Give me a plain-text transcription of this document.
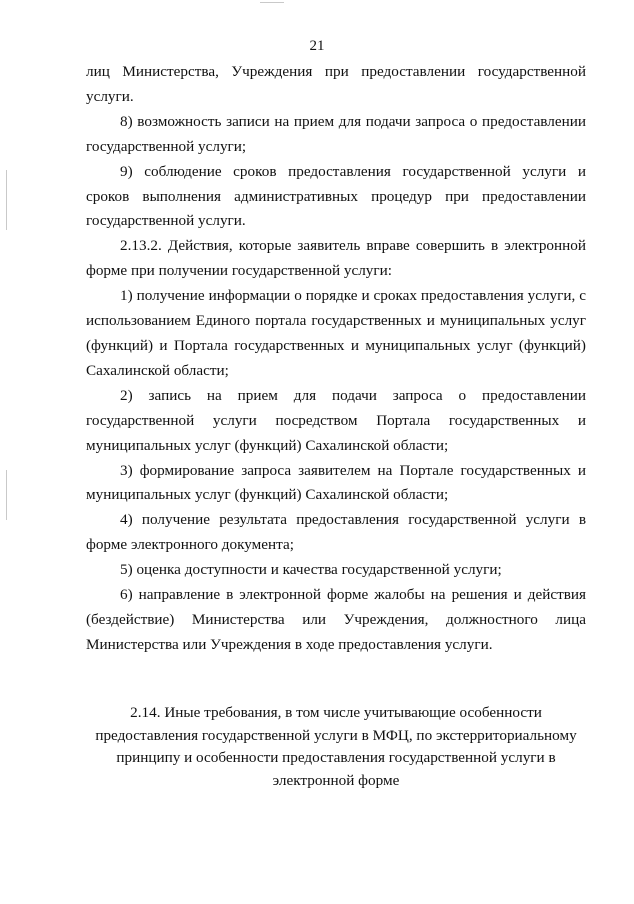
21

лиц Министерства, Учреждения при предоставлении государственной услуги.

8) возможность записи на прием для подачи запроса о предоставлении государственной услуги;

9) соблюдение сроков предоставления государственной услуги и сроков выполнения административных процедур при предоставлении государственной услуги.

2.13.2. Действия, которые заявитель вправе совершить в электронной форме при получении государственной услуги:

1) получение информации о порядке и сроках предоставления услуги, с использованием Единого портала государственных и муниципальных услуг (функций) и Портала государственных и муниципальных услуг (функций) Сахалинской области;

2) запись на прием для подачи запроса о предоставлении государственной услуги посредством Портала государственных и муниципальных услуг (функций) Сахалинской области;

3) формирование запроса заявителем на Портале государственных и муниципальных услуг (функций) Сахалинской области;

4) получение результата предоставления государственной услуги в форме электронного документа;

5) оценка доступности и качества государственной услуги;

6) направление в электронной форме жалобы на решения и действия (бездействие) Министерства или Учреждения, должностного лица Министерства или Учреждения в ходе предоставления услуги.

2.14. Иные требования, в том числе учитывающие особенности
предоставления государственной услуги в МФЦ, по экстерриториальному
принципу и особенности предоставления государственной услуги в
электронной форме
